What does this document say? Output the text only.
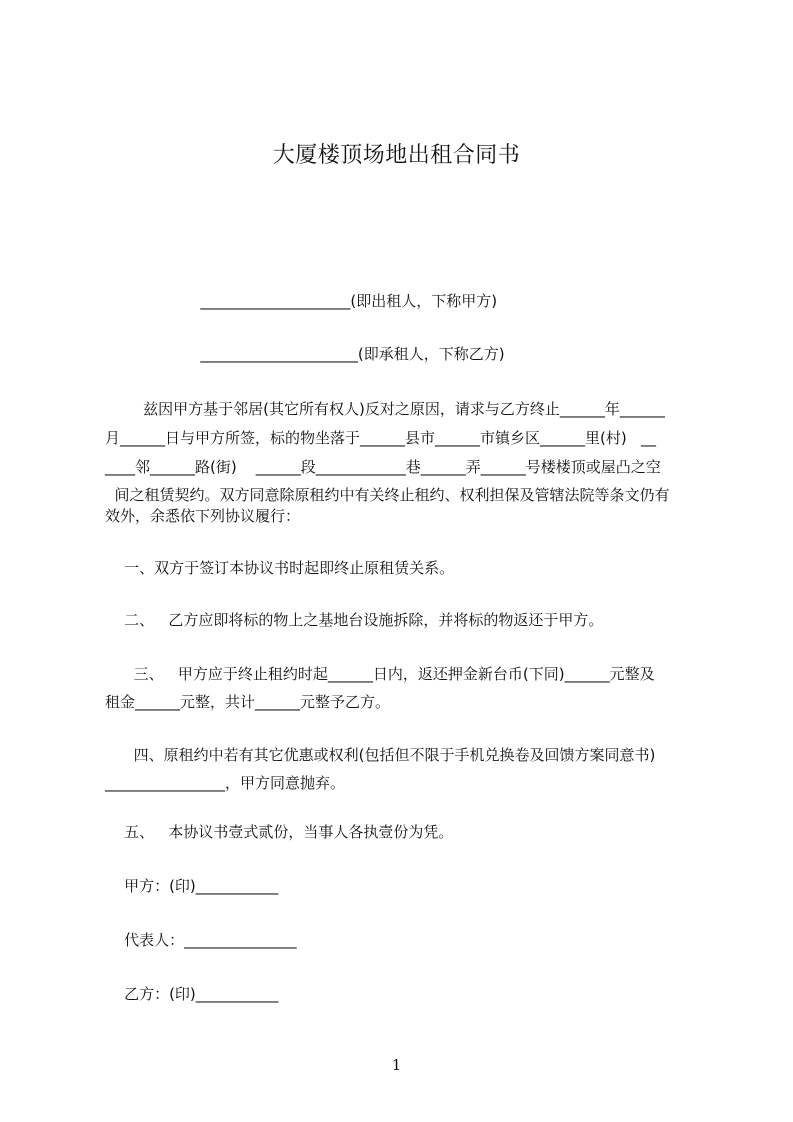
大厦楼顶场地出租合同书
____________________(即出租人，下称甲方)
_____________________(即承租人，下称乙方)
兹因甲方基于邻居(其它所有权人)反对之原因，请求与乙方终止______年______
月______日与甲方所签，标的物坐落于______县市______市镇乡区______里(村)   __
____邻______路(街)    ______段____________巷______弄______号楼楼顶或屋凸之空
间之租赁契约。双方同意除原租约中有关终止租约、权利担保及管辖法院等条文仍有
效外，余悉依下列协议履行：
一、双方于签订本协议书时起即终止原租赁关系。
二、   乙方应即将标的物上之基地台设施拆除，并将标的物返还于甲方。
三、   甲方应于终止租约时起______日内，返还押金新台币(下同)______元整及
租金______元整，共计______元整予乙方。
四、原租约中若有其它优惠或权利(包括但不限于手机兑换卷及回馈方案同意书)
________________，甲方同意抛弃。
五、   本协议书壹式贰份，当事人各执壹份为凭。
甲方：(印)___________
代表人：_______________
乙方：(印)___________
1
